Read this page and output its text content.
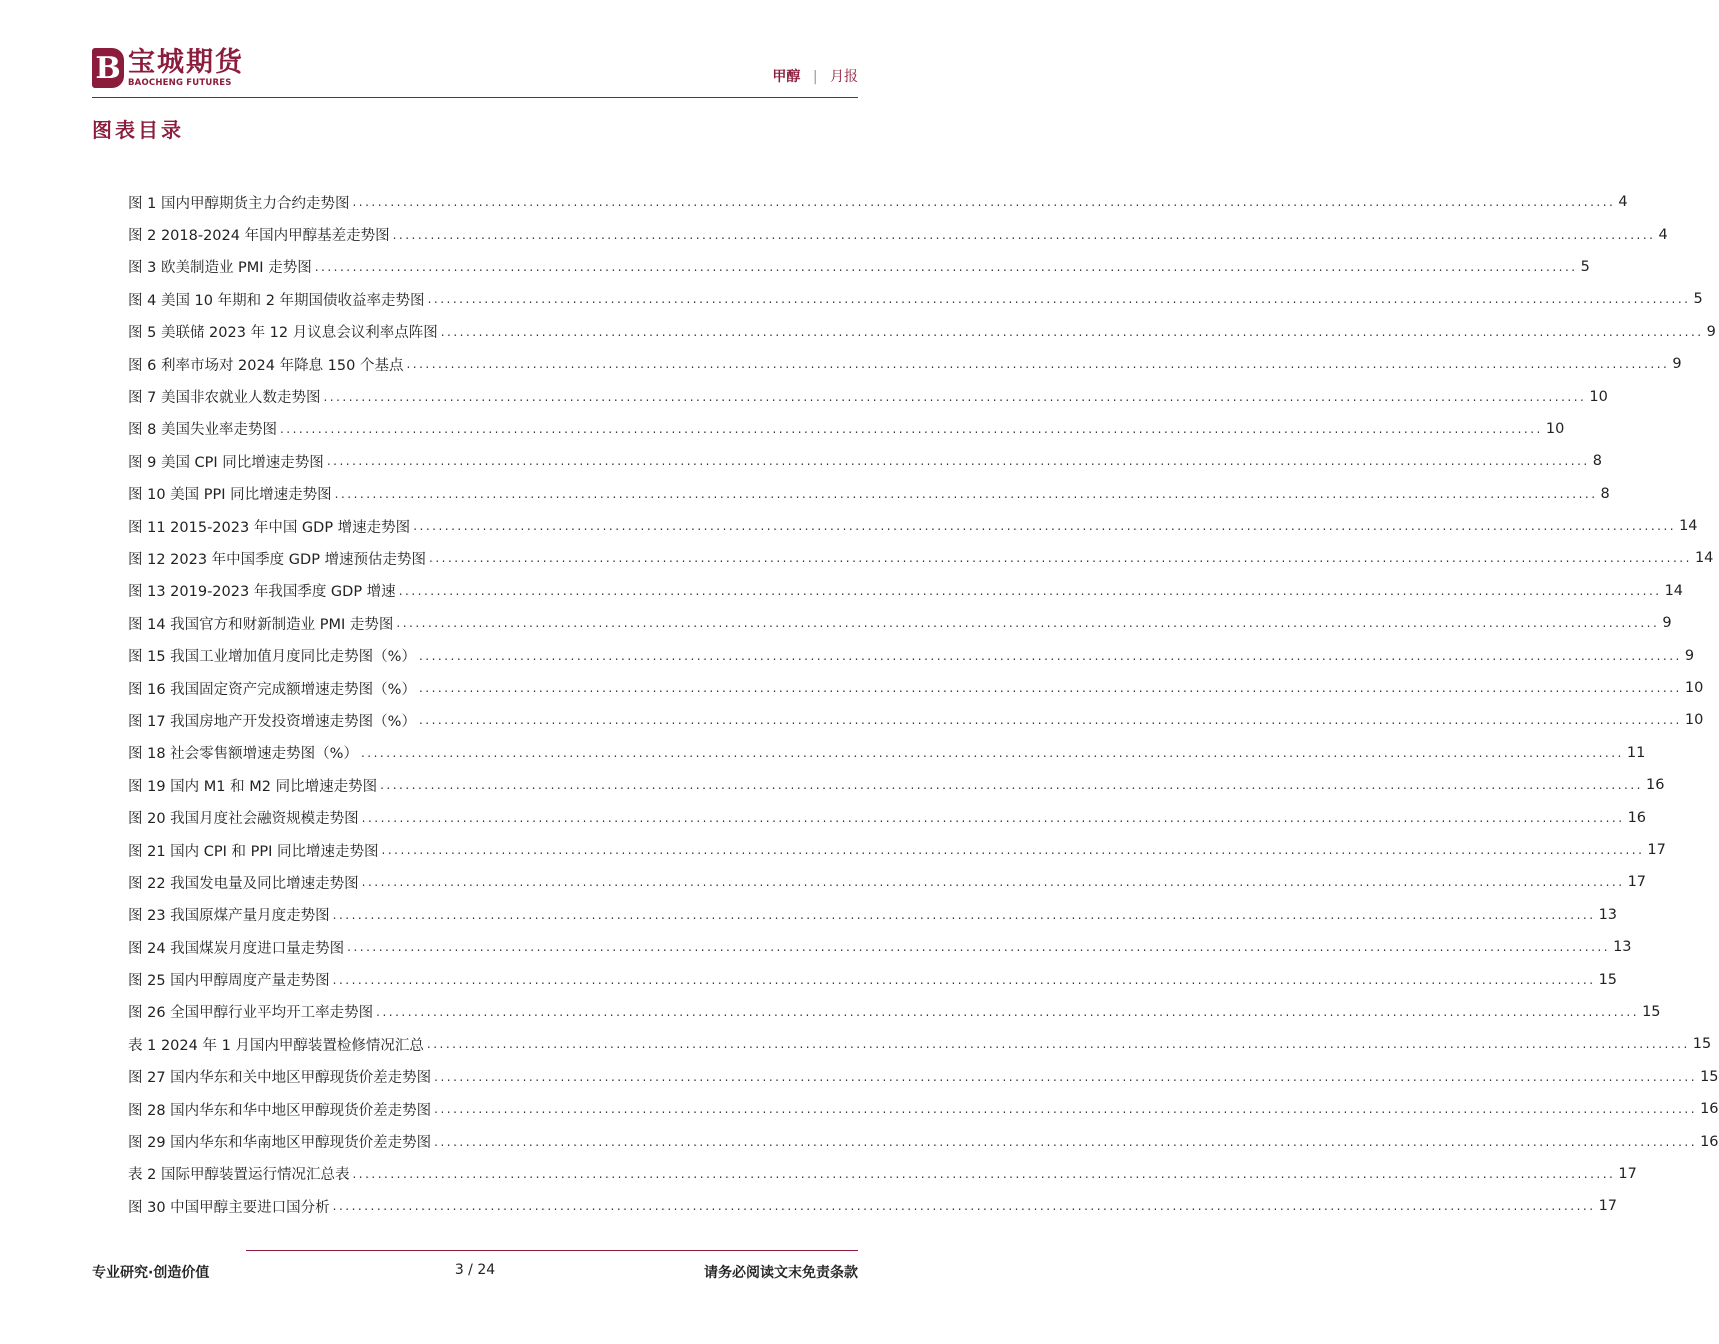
B 宝城期货
BAOCHENG FUTURES	甲醇 | 月报
图表目录
图 1 国内甲醇期货主力合约走势图 ........................................................................................................................................................................................................ 4
图 2 2018-2024 年国内甲醇基差走势图 ........................................................................................................................................................................................................ 4
图 3 欧美制造业 PMI 走势图 ........................................................................................................................................................................................................ 5
图 4 美国 10 年期和 2 年期国债收益率走势图 ........................................................................................................................................................................................................ 5
图 5 美联储 2023 年 12 月议息会议利率点阵图 ........................................................................................................................................................................................................ 9
图 6 利率市场对 2024 年降息 150 个基点 ........................................................................................................................................................................................................ 9
图 7 美国非农就业人数走势图 ........................................................................................................................................................................................................ 10
图 8 美国失业率走势图 ........................................................................................................................................................................................................ 10
图 9 美国 CPI 同比增速走势图 ........................................................................................................................................................................................................ 8
图 10 美国 PPI 同比增速走势图 ........................................................................................................................................................................................................ 8
图 11 2015-2023 年中国 GDP 增速走势图 ........................................................................................................................................................................................................ 14
图 12 2023 年中国季度 GDP 增速预估走势图 ........................................................................................................................................................................................................ 14
图 13 2019-2023 年我国季度 GDP 增速 ........................................................................................................................................................................................................ 14
图 14 我国官方和财新制造业 PMI 走势图 ........................................................................................................................................................................................................ 9
图 15 我国工业增加值月度同比走势图（%） ........................................................................................................................................................................................................ 9
图 16 我国固定资产完成额增速走势图（%） ........................................................................................................................................................................................................ 10
图 17 我国房地产开发投资增速走势图（%） ........................................................................................................................................................................................................ 10
图 18 社会零售额增速走势图（%） ........................................................................................................................................................................................................ 11
图 19 国内 M1 和 M2 同比增速走势图 ........................................................................................................................................................................................................ 16
图 20 我国月度社会融资规模走势图 ........................................................................................................................................................................................................ 16
图 21 国内 CPI 和 PPI 同比增速走势图 ........................................................................................................................................................................................................ 17
图 22 我国发电量及同比增速走势图 ........................................................................................................................................................................................................ 17
图 23 我国原煤产量月度走势图 ........................................................................................................................................................................................................ 13
图 24 我国煤炭月度进口量走势图 ........................................................................................................................................................................................................ 13
图 25 国内甲醇周度产量走势图 ........................................................................................................................................................................................................ 15
图 26 全国甲醇行业平均开工率走势图 ........................................................................................................................................................................................................ 15
表 1 2024 年 1 月国内甲醇装置检修情况汇总 ........................................................................................................................................................................................................ 15
图 27 国内华东和关中地区甲醇现货价差走势图 ........................................................................................................................................................................................................ 15
图 28 国内华东和华中地区甲醇现货价差走势图 ........................................................................................................................................................................................................ 16
图 29 国内华东和华南地区甲醇现货价差走势图 ........................................................................................................................................................................................................ 16
表 2 国际甲醇装置运行情况汇总表 ........................................................................................................................................................................................................ 17
图 30 中国甲醇主要进口国分析 ........................................................................................................................................................................................................ 17
专业研究·创造价值	3 / 24	请务必阅读文末免责条款
